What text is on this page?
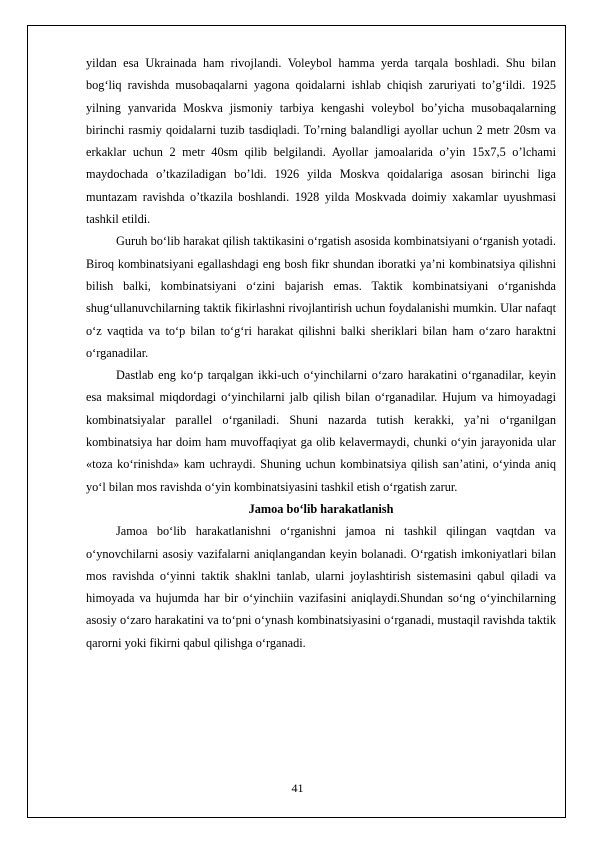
yildan esa Ukrainada ham rivojlandi. Voleybol hamma yerda tarqala boshladi. Shu bilan bog‘liq ravishda musobaqalarni yagona qoidalarni ishlab chiqish zaruriyati to’g‘ildi. 1925 yilning yanvarida Moskva jismoniy tarbiya kengashi voleybol bo’yicha musobaqalarning birinchi rasmiy qoidalarni tuzib tasdiqladi. To’rning balandligi ayollar uchun 2 metr 20sm va erkaklar uchun 2 metr 40sm qilib belgilandi. Ayollar jamoalarida o’yin 15x7,5 o’lchami maydochada o’tkaziladigan bo’ldi. 1926 yilda Moskva qoidalariga asosan birinchi liga muntazam ravishda o’tkazila boshlandi. 1928 yilda Moskvada doimiy xakamlar uyushmasi tashkil etildi.

Guruh bo‘lib harakat qilish taktikasini o‘rgatish asosida kombinatsiyani o‘rganish yotadi. Biroq kombinatsiyani egallashdagi eng bosh fikr shundan iboratki ya’ni kombinatsiya qilishni bilish balki, kombinatsiyani o‘zini bajarish emas. Taktik kombinatsiyani o‘rganishda shug‘ullanuvchilarning taktik fikirlashni rivojlantirish uchun foydalanishi mumkin. Ular nafaqt o‘z vaqtida va to‘p bilan to‘g‘ri harakat qilishni balki sheriklari bilan ham o‘zaro haraktni o‘rganadilar.

Dastlab eng ko‘p tarqalgan ikki-uch o‘yinchilarni o‘zaro harakatini o‘rganadilar, keyin esa maksimal miqdordagi o‘yinchilarni jalb qilish bilan o‘rganadilar. Hujum va himoyadagi kombinatsiyalar parallel o‘rganiladi. Shuni nazarda tutish kerakki, ya’ni o‘rganilgan kombinatsiya har doim ham muvoffaqiyat ga olib kelavermaydi, chunki o‘yin jarayonida ular «toza ko‘rinishda» kam uchraydi. Shuning uchun kombinatsiya qilish san’atini, o‘yinda aniq yo‘l bilan mos ravishda o‘yin kombinatsiyasini tashkil etish o‘rgatish zarur.

Jamoa bo‘lib harakatlanish

Jamoa bo‘lib harakatlanishni o‘rganishni jamoa ni tashkil qilingan vaqtdan va o‘ynovchilarni asosiy vazifalarni aniqlangandan keyin bolanadi. O‘rgatish imkoniyatlari bilan mos ravishda o‘yinni taktik shaklni tanlab, ularni joylashtirish sistemasini qabul qiladi va himoyada va hujumda har bir o‘yinchiin vazifasini aniqlaydi.Shundan so‘ng o‘yinchilarning asosiy o‘zaro harakatini va to‘pni o‘ynash kombinatsiyasini o‘rganadi, mustaqil ravishda taktik qarorni yoki fikirni qabul qilishga o‘rganadi.

41
